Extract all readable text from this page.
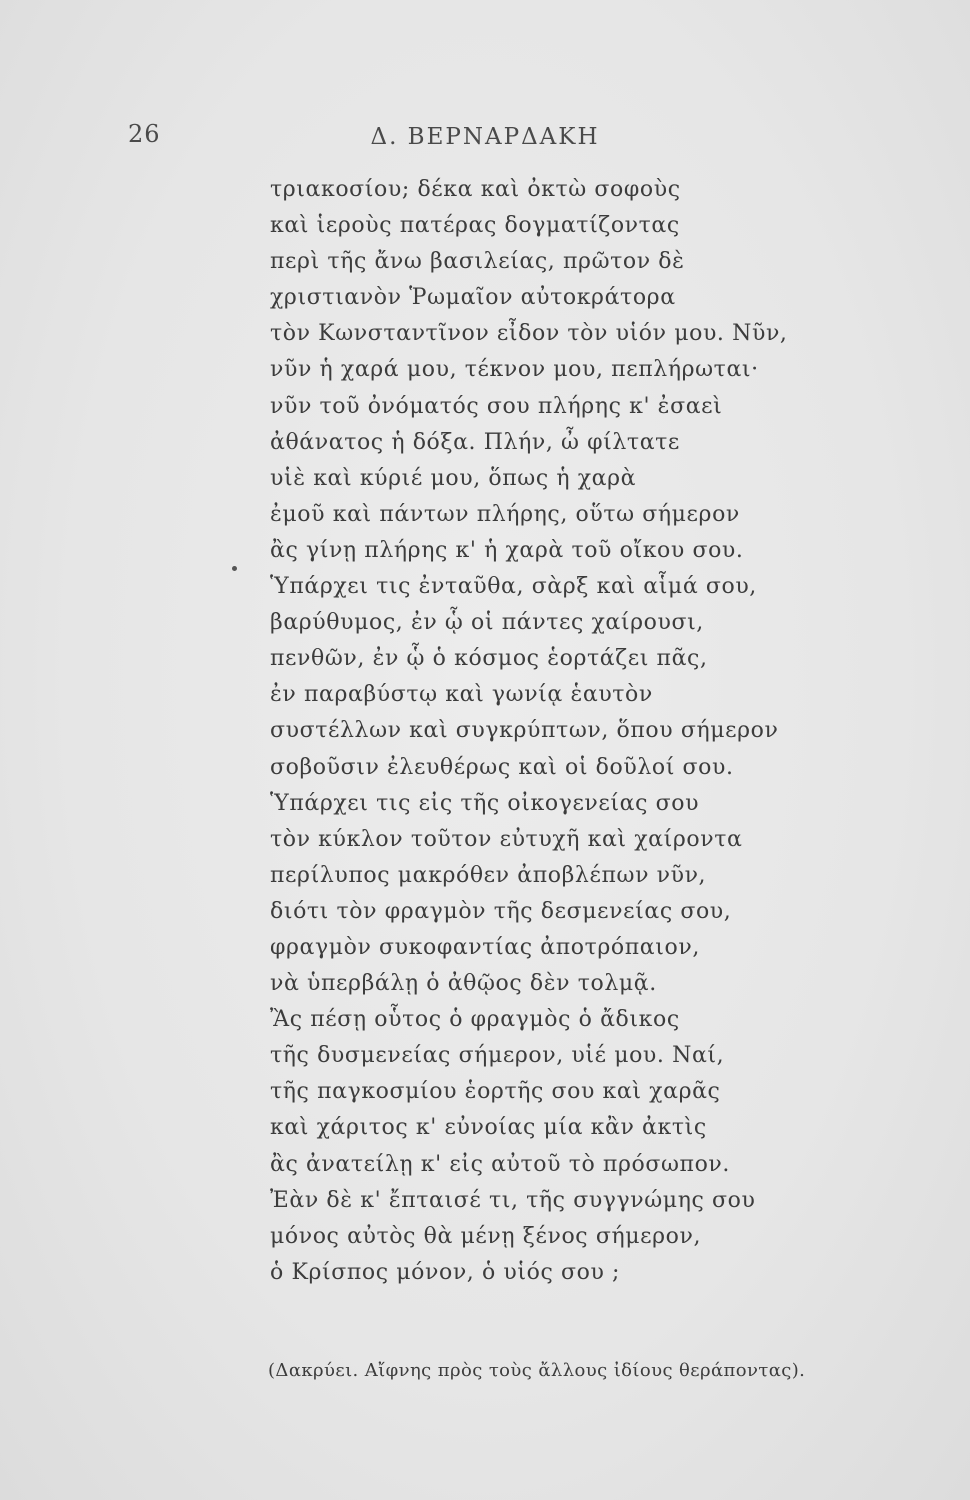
26	Δ. ΒΕΡΝΑΡΔΑΚΗ
τριακοσίου; δέκα καὶ ὀκτὼ σοφοὺς
καὶ ἱεροὺς πατέρας δογματίζοντας
περὶ τῆς ἄνω βασιλείας, πρῶτον δὲ
χριστιανὸν Ῥωμαῖον αὐτοκράτορα
τὸν Κωνσταντῖνον εἶδον τὸν υἱόν μου. Νῦν,
νῦν ἡ χαρά μου, τέκνον μου, πεπλήρωται·
νῦν τοῦ ὀνόματός σου πλήρης κ' ἐσαεὶ
ἀθάνατος ἡ δόξα. Πλήν, ὦ φίλτατε
υἱὲ καὶ κύριέ μου, ὅπως ἡ χαρὰ
ἐμοῦ καὶ πάντων πλήρης, οὕτω σήμερον
ἂς γίνῃ πλήρης κ' ἡ χαρὰ τοῦ οἴκου σου.
Ὑπάρχει τις ἐνταῦθα, σὰρξ καὶ αἷμά σου,
βαρύθυμος, ἐν ᾧ οἱ πάντες χαίρουσι,
πενθῶν, ἐν ᾧ ὁ κόσμος ἑορτάζει πᾶς,
ἐν παραβύστῳ καὶ γωνίᾳ ἑαυτὸν
συστέλλων καὶ συγκρύπτων, ὅπου σήμερον
σοβοῦσιν ἐλευθέρως καὶ οἱ δοῦλοί σου.
Ὑπάρχει τις εἰς τῆς οἰκογενείας σου
τὸν κύκλον τοῦτον εὐτυχῆ καὶ χαίροντα
περίλυπος μακρόθεν ἀποβλέπων νῦν,
διότι τὸν φραγμὸν τῆς δεσμενείας σου,
φραγμὸν συκοφαντίας ἀποτρόπαιον,
νὰ ὑπερβάλῃ ὁ ἀθῷος δὲν τολμᾷ.
Ἂς πέσῃ οὗτος ὁ φραγμὸς ὁ ἄδικος
τῆς δυσμενείας σήμερον, υἱέ μου. Ναί,
τῆς παγκοσμίου ἑορτῆς σου καὶ χαρᾶς
καὶ χάριτος κ' εὐνοίας μία κἂν ἀκτὶς
ἂς ἀνατείλῃ κ' εἰς αὐτοῦ τὸ πρόσωπον.
Ἐὰν δὲ κ' ἔπταισέ τι, τῆς συγγνώμης σου
μόνος αὐτὸς θὰ μένῃ ξένος σήμερον,
ὁ Κρίσπος μόνον, ὁ υἱός σου ;
(Δακρύει. Αἴφνης πρὸς τοὺς ἄλλους ἰδίους θεράποντας).
